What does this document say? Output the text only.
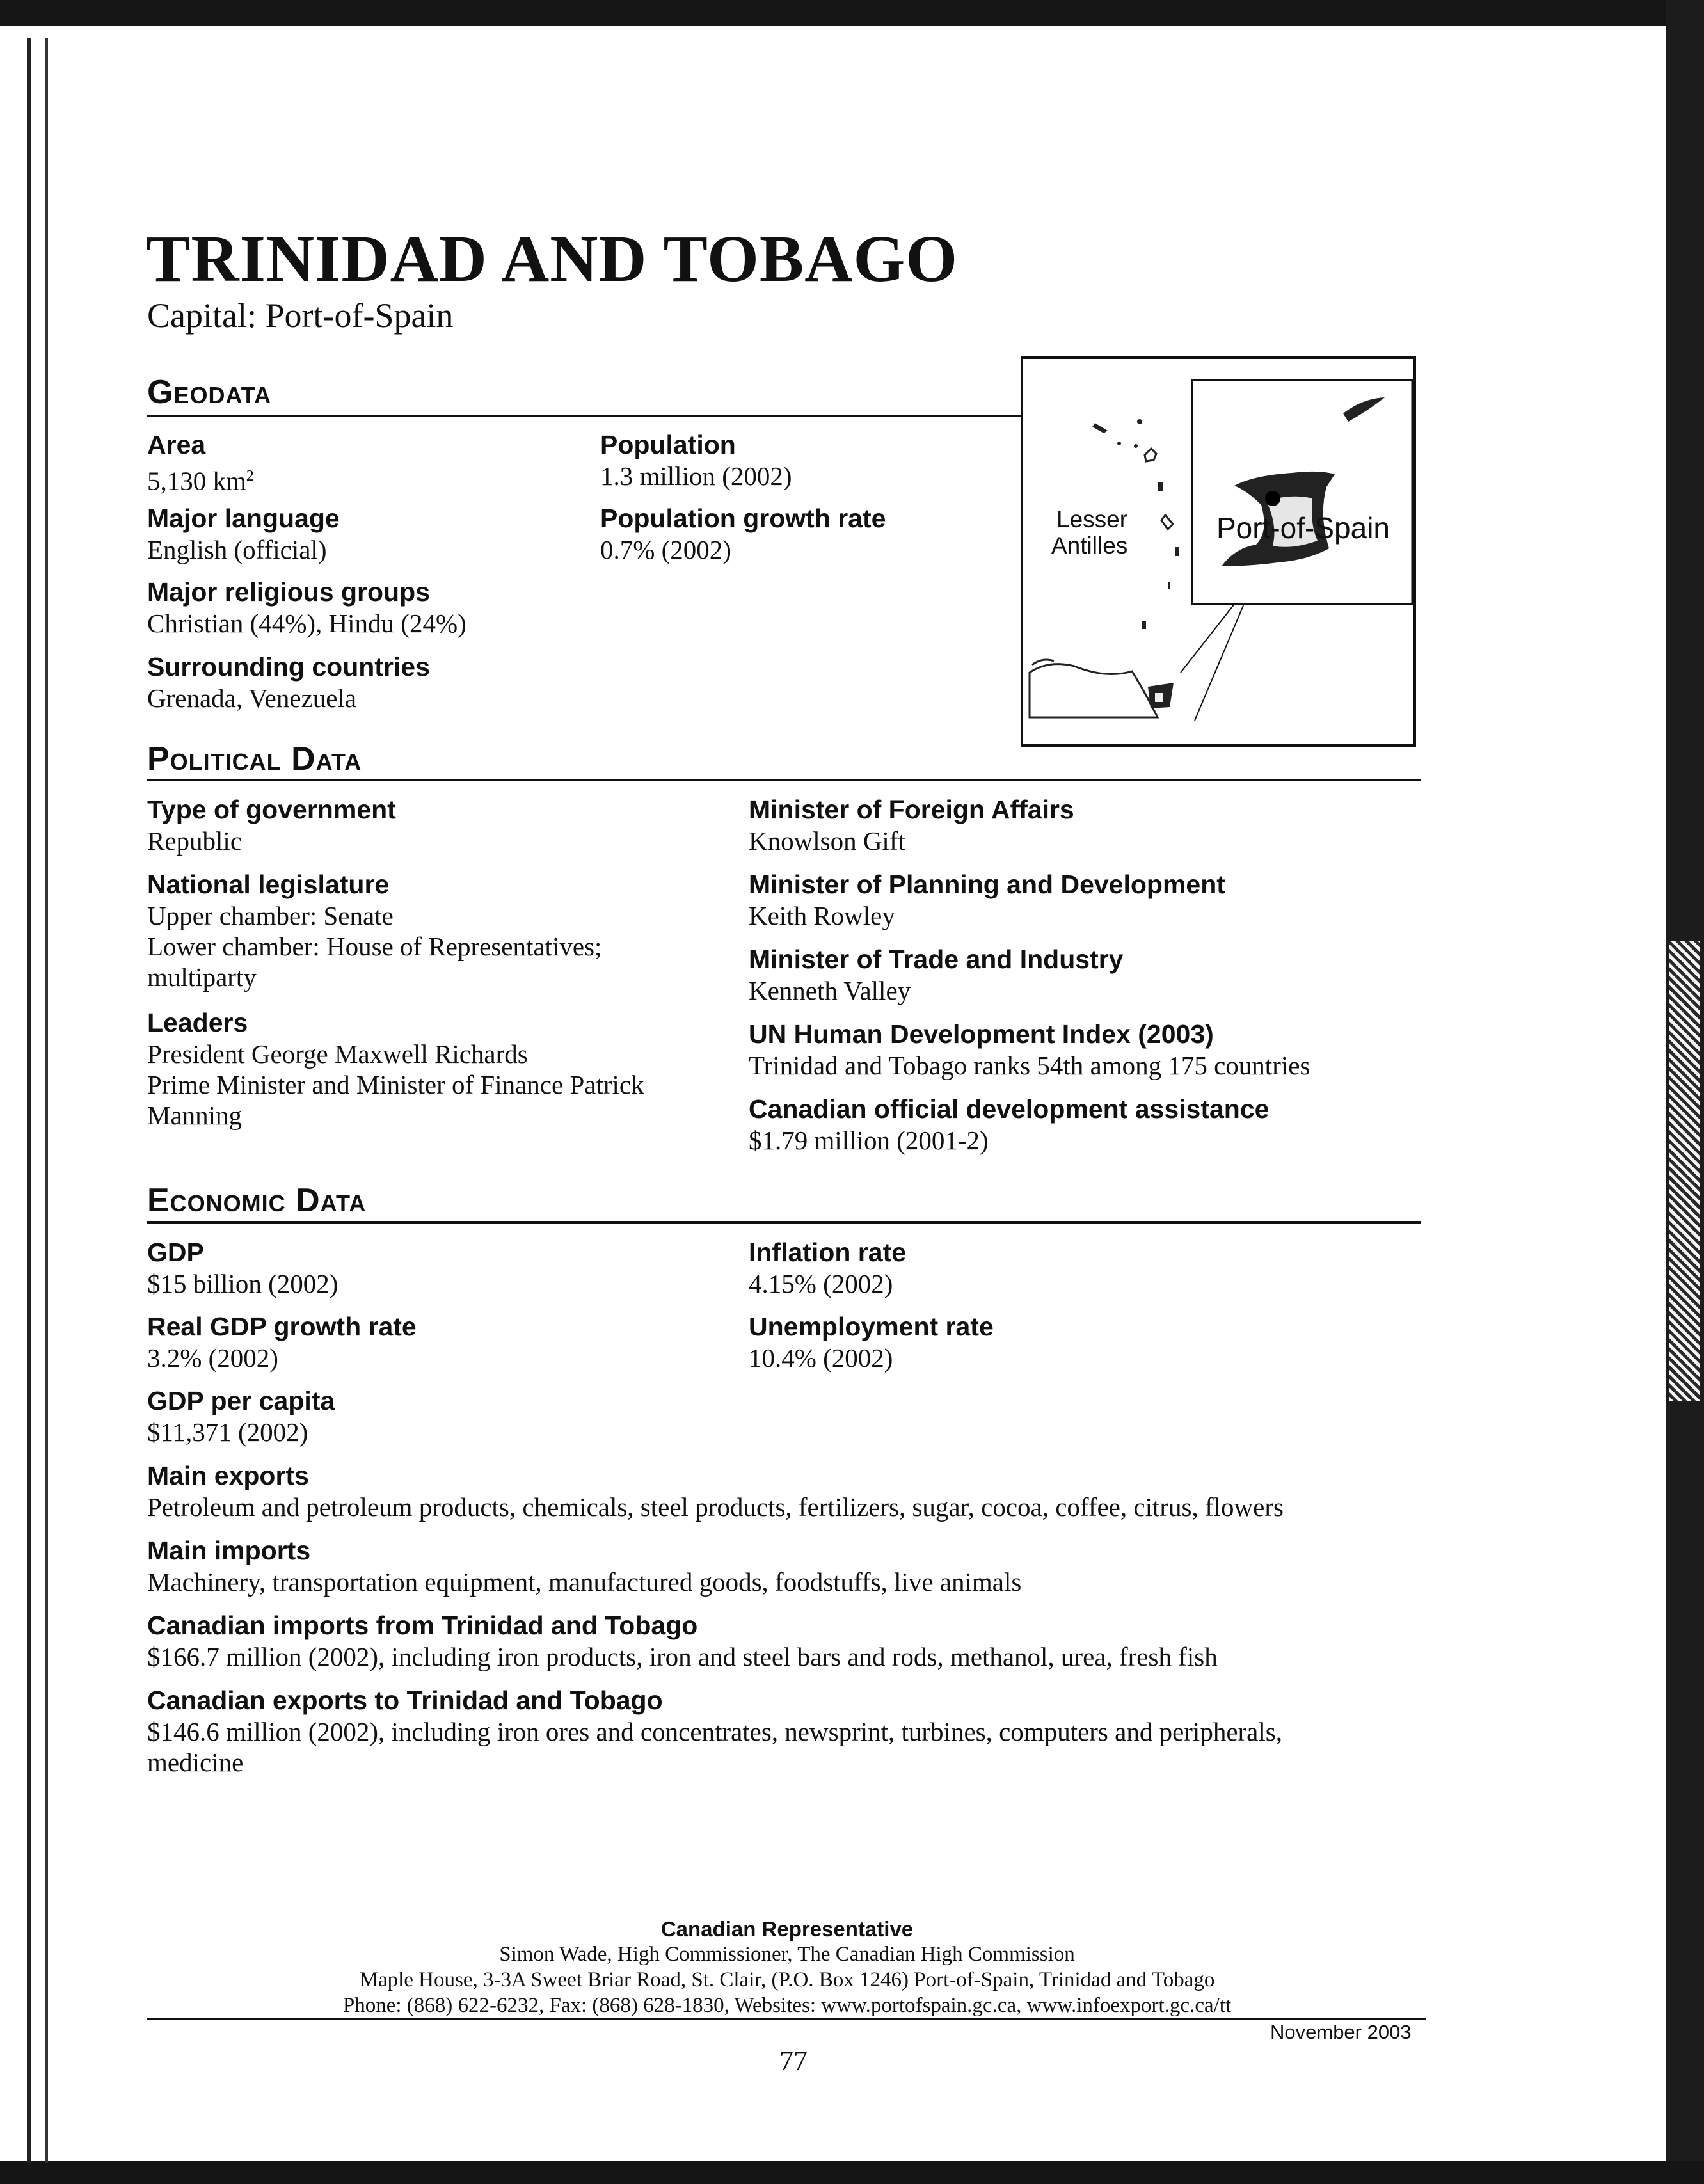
TRINIDAD AND TOBAGO
Capital: Port-of-Spain
Geodata
Area
5,130 $km^2$
Major language
English (official)
Major religious groups
Christian (44%), Hindu (24%)
Surrounding countries
Grenada, Venezuela
Population
1.3 million (2002)
Population growth rate
0.7% (2002)
Lesser
Antilles
Port-of-Spain
Political Data
Type of government
Republic
National legislature
Upper chamber: Senate
Lower chamber: House of Representatives;
multiparty
Leaders
President George Maxwell Richards
Prime Minister and Minister of Finance Patrick
Manning
Minister of Foreign Affairs
Knowlson Gift
Minister of Planning and Development
Keith Rowley
Minister of Trade and Industry
Kenneth Valley
UN Human Development Index (2003)
Trinidad and Tobago ranks 54th among 175 countries
Canadian official development assistance
$1.79 million (2001-2)
Economic Data
GDP
$15 billion (2002)
Real GDP growth rate
3.2% (2002)
GDP per capita
$11,371 (2002)
Inflation rate
4.15% (2002)
Unemployment rate
10.4% (2002)
Main exports
Petroleum and petroleum products, chemicals, steel products, fertilizers, sugar, cocoa, coffee, citrus, flowers
Main imports
Machinery, transportation equipment, manufactured goods, foodstuffs, live animals
Canadian imports from Trinidad and Tobago
$166.7 million (2002), including iron products, iron and steel bars and rods, methanol, urea, fresh fish
Canadian exports to Trinidad and Tobago
$146.6 million (2002), including iron ores and concentrates, newsprint, turbines, computers and peripherals,
medicine
Canadian Representative
Simon Wade, High Commissioner, The Canadian High Commission
Maple House, 3-3A Sweet Briar Road, St. Clair, (P.O. Box 1246) Port-of-Spain, Trinidad and Tobago
Phone: (868) 622-6232, Fax: (868) 628-1830, Websites: www.portofspain.gc.ca, www.infoexport.gc.ca/tt
November 2003
77
